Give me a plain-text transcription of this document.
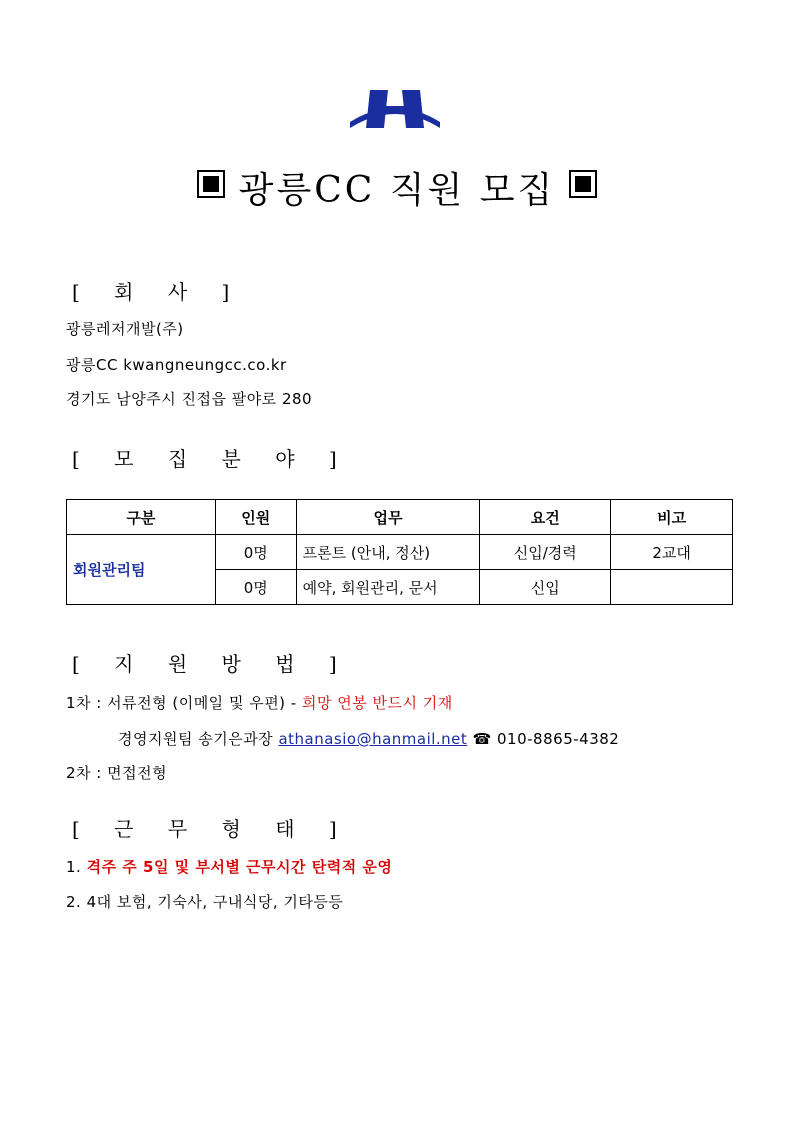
광릉CC 직원 모집
[ 회 사 ]
광릉레저개발(주)
광릉CC kwangneungcc.co.kr
경기도 남양주시 진접읍 팔야로 280
[ 모 집 분 야 ]
구분	인원	업무	요건	비고
회원관리팀	0명	프론트 (안내, 정산)	신입/경력	2교대
	0명	예약, 회원관리, 문서	신입	
[ 지 원 방 법 ]
1차 : 서류전형 (이메일 및 우편) - 희망 연봉 반드시 기재
경영지원팀 송기은과장 athanasio@hanmail.net ☎ 010-8865-4382
2차 : 면접전형
[ 근 무 형 태 ]
1. 격주 주 5일 및 부서별 근무시간 탄력적 운영
2. 4대 보험, 기숙사, 구내식당, 기타등등
